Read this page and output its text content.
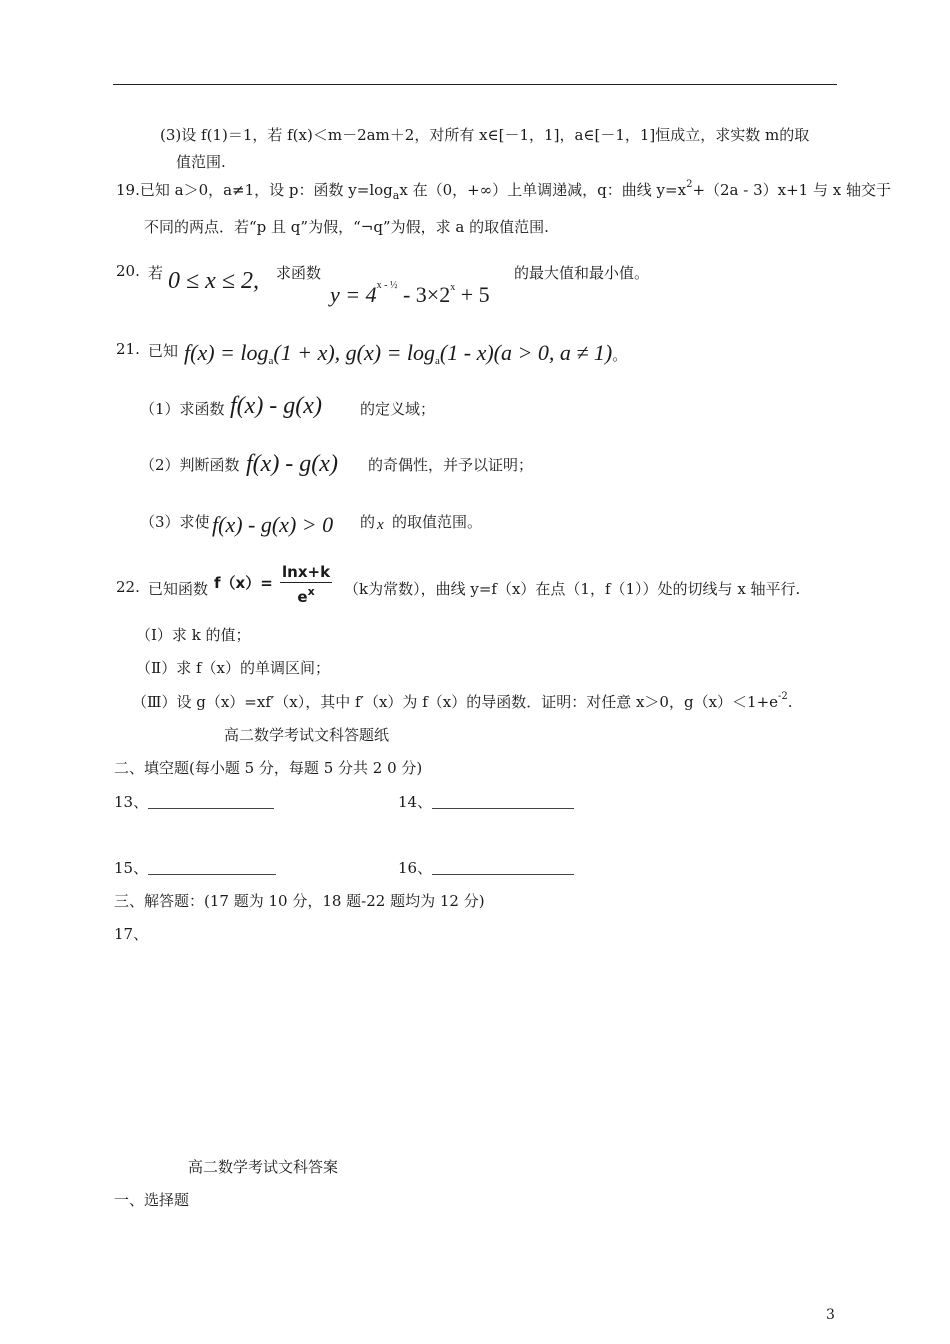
(3)设 f(1)＝1，若 f(x)＜m－2am＋2，对所有 x∈[－1，1]，a∈[－1，1]恒成立，求实数 m的取
值范围.
19.已知 a＞0，a≠1，设 p：函数 $y=\log_ax$ 在（0，+∞）上单调递减，q：曲线 $y=x^2+(2a - 3)x+1$ 与 x 轴交于
不同的两点．若“p 且 q”为假，“¬q”为假，求 a 的取值范围.
20. 若 0 ≤ x ≤ 2, 求函数
$y = 4^{x - \frac{1}{2}} - 3\times 2^x + 5$
的最大值和最小值。
21. 已知 $f(x) = \log_a(1 + x)$, $g(x) = \log_a(1 - x)(a > 0$, a ≠ 1)。
（1）求函数 f(x) - g(x)	的定义域；
（2）判断函数 f(x) - g(x) 的奇偶性，并予以证明；
（3）求使 f(x) - g(x) > 0 的 x 的取值范围。
22. 已知函数 $f(x)= \frac{\ln x+k}{e^x} (k$为常数），曲线 y=f（x）在点（1，f（1））处的切线与 x 轴平行.
（Ⅰ）求 k 的值；
（Ⅱ）求 f（x）的单调区间；
（Ⅲ）设 g（x）=xf′（x），其中 f′（x）为 f（x）的导函数．证明：对任意 x＞0，$g(x)<1+e^{-2}$.
高二数学考试文科答题纸
二、填空题(每小题 5 分，每题 5 分共 2 0 分)
13、	14、
15、	16、
三、解答题：(17 题为 10 分，18 题-22 题均为 12 分)
17、
高二数学考试文科答案
一、选择题
3
